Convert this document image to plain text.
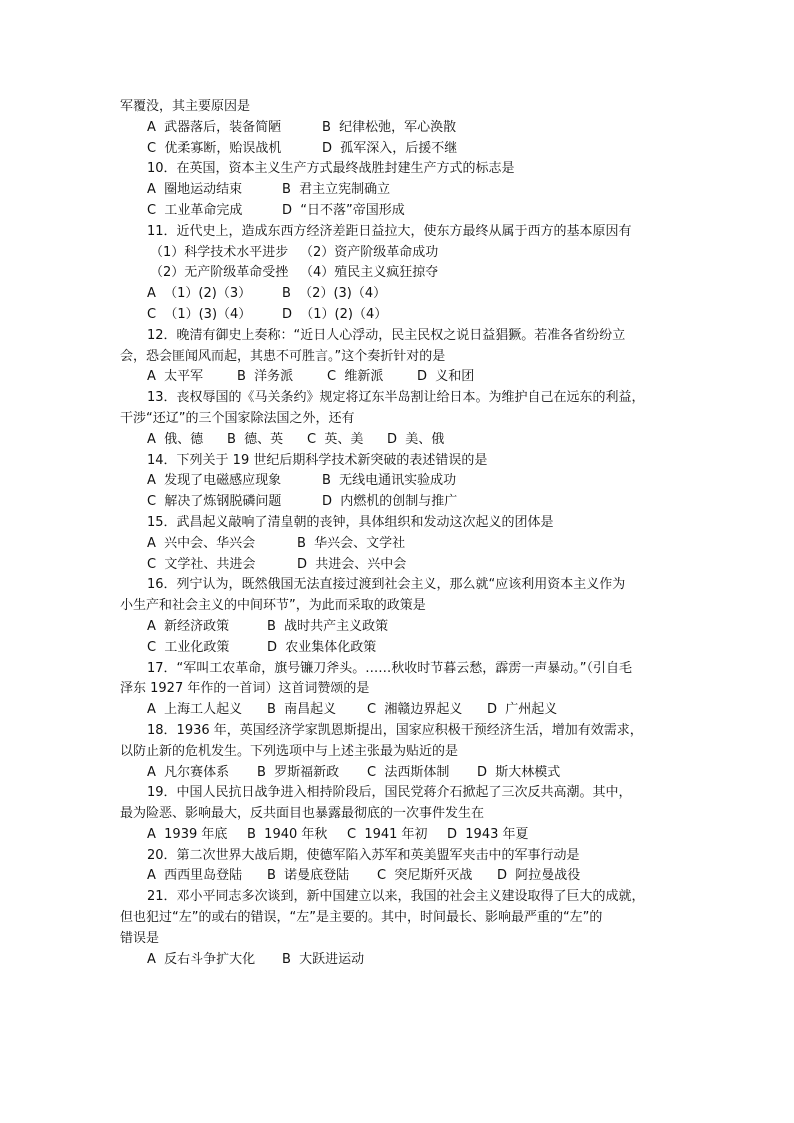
军覆没，其主要原因是
A  武器落后，装备简陋	B  纪律松弛，军心涣散
C  优柔寡断，贻误战机	D  孤军深入，后援不继
10．在英国，资本主义生产方式最终战胜封建生产方式的标志是
A  圈地运动结束	B  君主立宪制确立
C  工业革命完成	D  “日不落”帝国形成
11．近代史上，造成东西方经济差距日益拉大，使东方最终从属于西方的基本原因有
（1）科学技术水平进步 （2）资产阶级革命成功
（2）无产阶级革命受挫 （4）殖民主义疯狂掠夺
A  （1）(2)（3） B  （2）(3)（4）
C  （1）(3)（4） D  （1）(2)（4）
12．晚清有御史上奏称：“近日人心浮动，民主民权之说日益猖獗。若准各省纷纷立
会，恐会匪闻风而起，其患不可胜言。”这个奏折针对的是
A  太平军	B  洋务派	C  维新派	D  义和团
13．丧权辱国的《马关条约》规定将辽东半岛割让给日本。为维护自己在远东的利益，
干涉“还辽”的三个国家除法国之外，还有
A  俄、德 B  德、英 C  英、美 D  美、俄
14．下列关于 19 世纪后期科学技术新突破的表述错误的是
A  发现了电磁感应现象	B  无线电通讯实验成功
C  解决了炼钢脱磷问题	D  内燃机的创制与推广
15．武昌起义敲响了清皇朝的丧钟，具体组织和发动这次起义的团体是
A  兴中会、华兴会	B  华兴会、文学社
C  文学社、共进会	D  共进会、兴中会
16．列宁认为，既然俄国无法直接过渡到社会主义，那么就“应该利用资本主义作为
小生产和社会主义的中间环节”，为此而采取的政策是
A  新经济政策	B  战时共产主义政策
C  工业化政策	D  农业集体化政策
17．“军叫工农革命，旗号镰刀斧头。……秋收时节暮云愁，霹雳一声暴动。”（引自毛
泽东 1927 年作的一首词）这首词赞颂的是
A  上海工人起义 B  南昌起义 C  湘赣边界起义 D  广州起义
18．1936 年，英国经济学家凯恩斯提出，国家应积极干预经济生活，增加有效需求，
以防止新的危机发生。下列选项中与上述主张最为贴近的是
A  凡尔赛体系 B  罗斯福新政 C  法西斯体制 D  斯大林模式
19．中国人民抗日战争进入相持阶段后，国民党蒋介石掀起了三次反共高潮。其中，
最为险恶、影响最大，反共面目也暴露最彻底的一次事件发生在
A  1939 年底 B  1940 年秋 C  1941 年初 D  1943 年夏
20．第二次世界大战后期，使德军陷入苏军和英美盟军夹击中的军事行动是
A  西西里岛登陆 B  诺曼底登陆 C  突尼斯歼灭战 D  阿拉曼战役
21．邓小平同志多次谈到，新中国建立以来，我国的社会主义建设取得了巨大的成就，
但也犯过“左”的或右的错误，“左”是主要的。其中，时间最长、影响最严重的“左”的
错误是
A  反右斗争扩大化 B  大跃进运动
